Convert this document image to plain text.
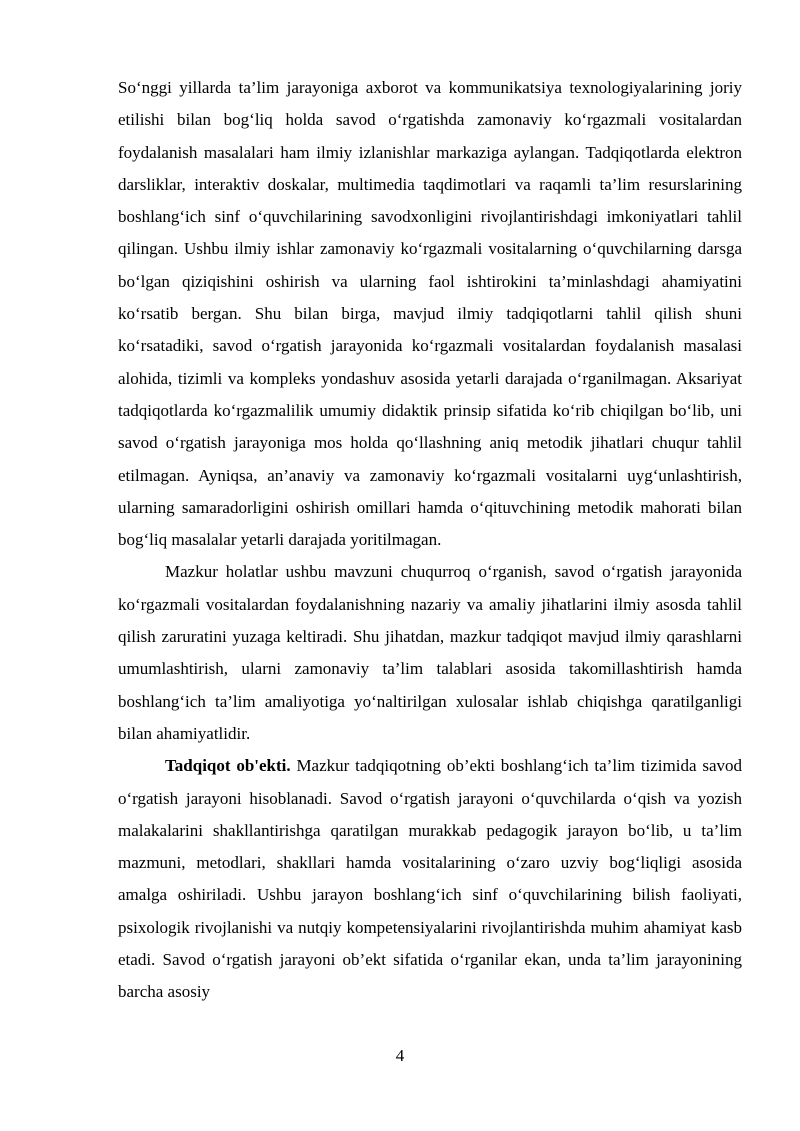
So‘nggi yillarda ta’lim jarayoniga axborot va kommunikatsiya texnologiyalarining joriy etilishi bilan bog‘liq holda savod o‘rgatishda zamonaviy ko‘rgazmali vositalardan foydalanish masalalari ham ilmiy izlanishlar markaziga aylangan. Tadqiqotlarda elektron darsliklar, interaktiv doskalar, multimedia taqdimotlari va raqamli ta’lim resurslarining boshlang‘ich sinf o‘quvchilarining savodxonligini rivojlantirishdagi imkoniyatlari tahlil qilingan. Ushbu ilmiy ishlar zamonaviy ko‘rgazmali vositalarning o‘quvchilarning darsga bo‘lgan qiziqishini oshirish va ularning faol ishtirokini ta’minlashdagi ahamiyatini ko‘rsatib bergan. Shu bilan birga, mavjud ilmiy tadqiqotlarni tahlil qilish shuni ko‘rsatadiki, savod o‘rgatish jarayonida ko‘rgazmali vositalardan foydalanish masalasi alohida, tizimli va kompleks yondashuv asosida yetarli darajada o‘rganilmagan. Aksariyat tadqiqotlarda ko‘rgazmalilik umumiy didaktik prinsip sifatida ko‘rib chiqilgan bo‘lib, uni savod o‘rgatish jarayoniga mos holda qo‘llashning aniq metodik jihatlari chuqur tahlil etilmagan. Ayniqsa, an’anaviy va zamonaviy ko‘rgazmali vositalarni uyg‘unlashtirish, ularning samaradorligini oshirish omillari hamda o‘qituvchining metodik mahorati bilan bog‘liq masalalar yetarli darajada yoritilmagan.

Mazkur holatlar ushbu mavzuni chuqurroq o‘rganish, savod o‘rgatish jarayonida ko‘rgazmali vositalardan foydalanishning nazariy va amaliy jihatlarini ilmiy asosda tahlil qilish zaruratini yuzaga keltiradi. Shu jihatdan, mazkur tadqiqot mavjud ilmiy qarashlarni umumlashtirish, ularni zamonaviy ta’lim talablari asosida takomillashtirish hamda boshlang‘ich ta’lim amaliyotiga yo‘naltirilgan xulosalar ishlab chiqishga qaratilganligi bilan ahamiyatlidir.

Tadqiqot ob'ekti. Mazkur tadqiqotning ob’ekti boshlang‘ich ta’lim tizimida savod o‘rgatish jarayoni hisoblanadi. Savod o‘rgatish jarayoni o‘quvchilarda o‘qish va yozish malakalarini shakllantirishga qaratilgan murakkab pedagogik jarayon bo‘lib, u ta’lim mazmuni, metodlari, shakllari hamda vositalarining o‘zaro uzviy bog‘liqligi asosida amalga oshiriladi. Ushbu jarayon boshlang‘ich sinf o‘quvchilarining bilish faoliyati, psixologik rivojlanishi va nutqiy kompetensiyalarini rivojlantirishda muhim ahamiyat kasb etadi. Savod o‘rgatish jarayoni ob’ekt sifatida o‘rganilar ekan, unda ta’lim jarayonining barcha asosiy

4
